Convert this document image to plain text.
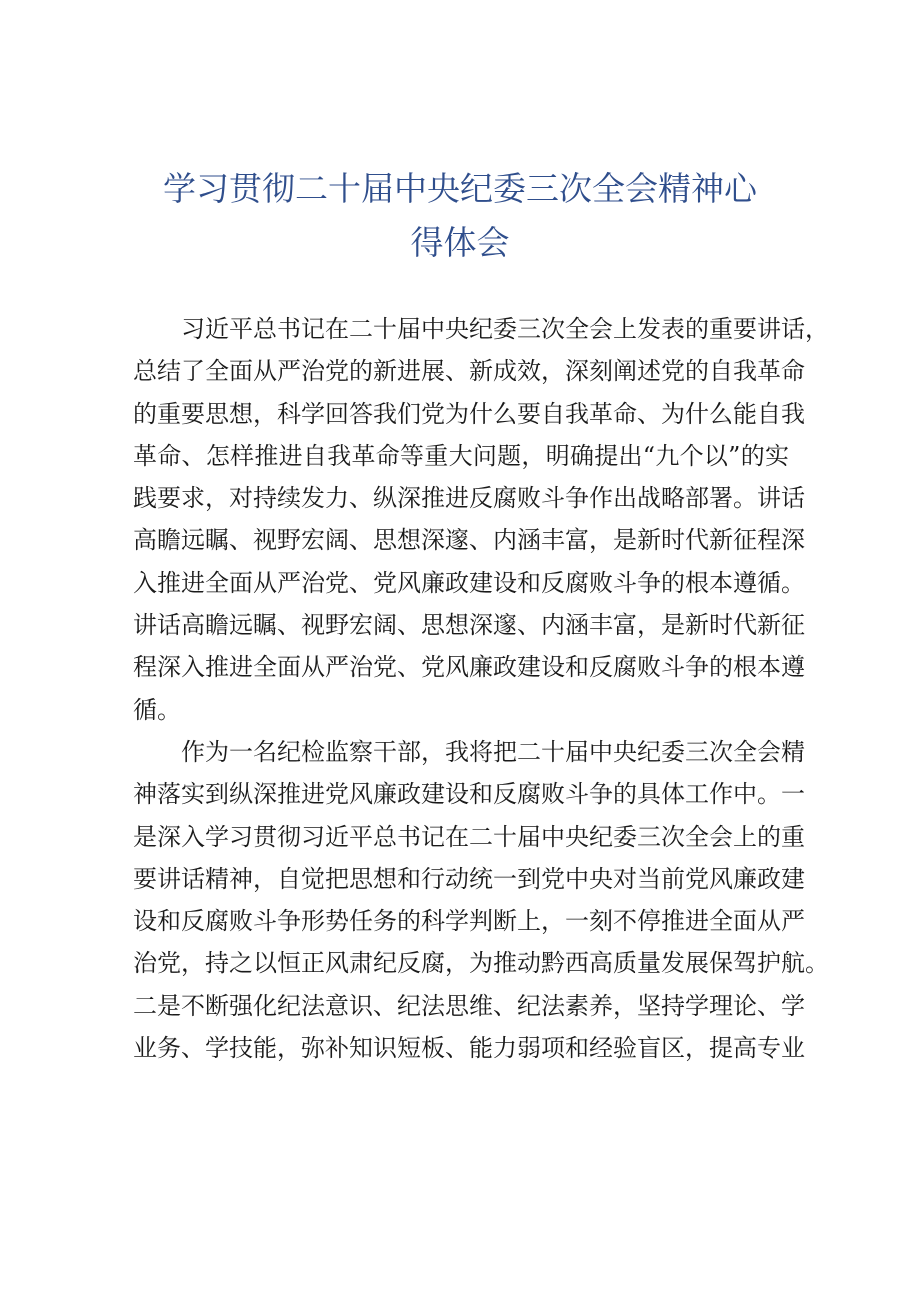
学习贯彻二十届中央纪委三次全会精神心
得体会
习近平总书记在二十届中央纪委三次全会上发表的重要讲话，
总结了全面从严治党的新进展、新成效，深刻阐述党的自我革命
的重要思想，科学回答我们党为什么要自我革命、为什么能自我
革命、怎样推进自我革命等重大问题，明确提出“九个以”的实
践要求，对持续发力、纵深推进反腐败斗争作出战略部署。讲话
高瞻远瞩、视野宏阔、思想深邃、内涵丰富，是新时代新征程深
入推进全面从严治党、党风廉政建设和反腐败斗争的根本遵循。
讲话高瞻远瞩、视野宏阔、思想深邃、内涵丰富，是新时代新征
程深入推进全面从严治党、党风廉政建设和反腐败斗争的根本遵
循。
作为一名纪检监察干部，我将把二十届中央纪委三次全会精
神落实到纵深推进党风廉政建设和反腐败斗争的具体工作中。一
是深入学习贯彻习近平总书记在二十届中央纪委三次全会上的重
要讲话精神，自觉把思想和行动统一到党中央对当前党风廉政建
设和反腐败斗争形势任务的科学判断上，一刻不停推进全面从严
治党，持之以恒正风肃纪反腐，为推动黔西高质量发展保驾护航。
二是不断强化纪法意识、纪法思维、纪法素养，坚持学理论、学
业务、学技能，弥补知识短板、能力弱项和经验盲区，提高专业
